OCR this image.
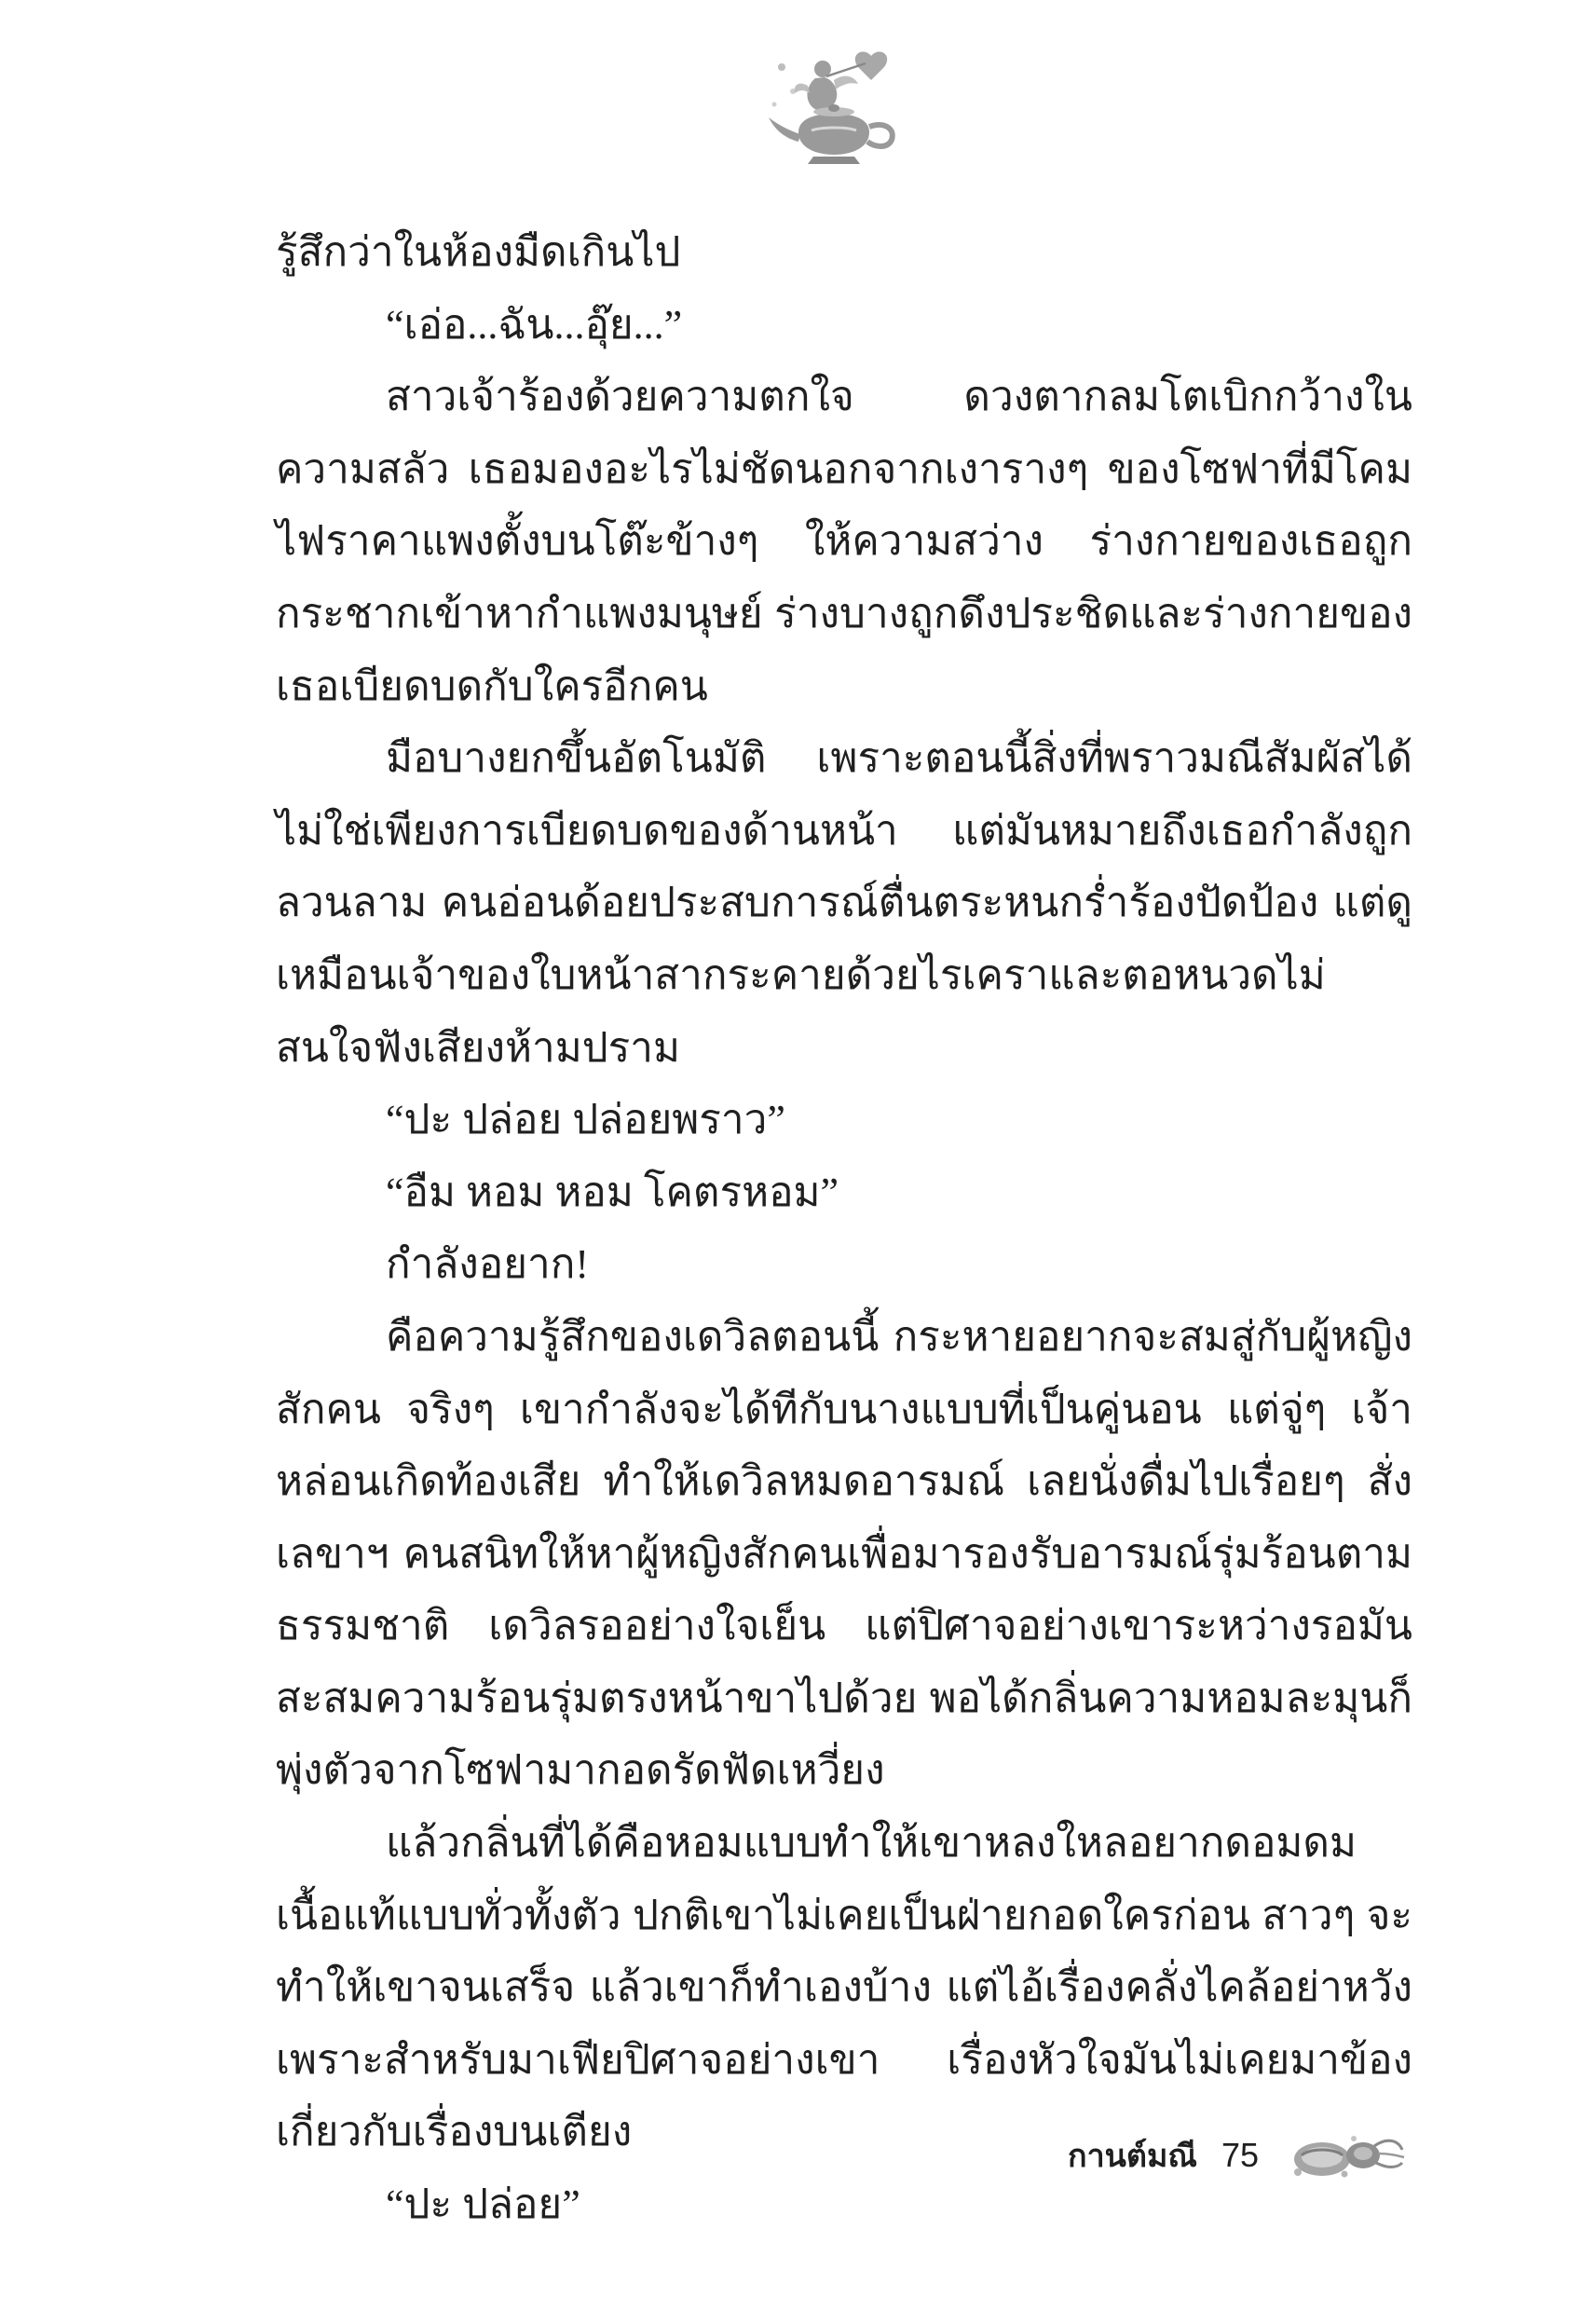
รู้สึกว่าในห้องมืดเกินไป

“เอ่อ...ฉัน...อุ๊ย...”

สาวเจ้าร้องด้วยความตกใจ ดวงตากลมโตเบิกกว้างในความสลัว เธอมองอะไรไม่ชัดนอกจากเงารางๆ ของโซฟาที่มีโคมไฟราคาแพงตั้งบนโต๊ะข้างๆ ให้ความสว่าง ร่างกายของเธอถูกกระชากเข้าหากำแพงมนุษย์ ร่างบางถูกดึงประชิดและร่างกายของเธอเบียดบดกับใครอีกคน

มือบางยกขึ้นอัตโนมัติ เพราะตอนนี้สิ่งที่พราวมณีสัมผัสได้ไม่ใช่เพียงการเบียดบดของด้านหน้า แต่มันหมายถึงเธอกำลังถูกลวนลาม คนอ่อนด้อยประสบการณ์ตื่นตระหนกร่ำร้องปัดป้อง แต่ดูเหมือนเจ้าของใบหน้าสากระคายด้วยไรเคราและตอหนวดไม่สนใจฟังเสียงห้ามปราม

“ปะ ปล่อย ปล่อยพราว”

“อืม หอม หอม โคตรหอม”

กำลังอยาก!

คือความรู้สึกของเดวิลตอนนี้ กระหายอยากจะสมสู่กับผู้หญิงสักคน จริงๆ เขากำลังจะได้ทีกับนางแบบที่เป็นคู่นอน แต่จู่ๆ เจ้าหล่อนเกิดท้องเสีย ทำให้เดวิลหมดอารมณ์ เลยนั่งดื่มไปเรื่อยๆ สั่งเลขาฯ คนสนิทให้หาผู้หญิงสักคนเพื่อมารองรับอารมณ์รุ่มร้อนตามธรรมชาติ เดวิลรออย่างใจเย็น แต่ปิศาจอย่างเขาระหว่างรอมันสะสมความร้อนรุ่มตรงหน้าขาไปด้วย พอได้กลิ่นความหอมละมุนก็พุ่งตัวจากโซฟามากอดรัดฟัดเหวี่ยง

แล้วกลิ่นที่ได้คือหอมแบบทำให้เขาหลงใหลอยากดอมดมเนื้อแท้แบบทั่วทั้งตัว ปกติเขาไม่เคยเป็นฝ่ายกอดใครก่อน สาวๆ จะทำให้เขาจนเสร็จ แล้วเขาก็ทำเองบ้าง แต่ไอ้เรื่องคลั่งไคล้อย่าหวัง เพราะสำหรับมาเฟียปิศาจอย่างเขา เรื่องหัวใจมันไม่เคยมาข้องเกี่ยวกับเรื่องบนเตียง

“ปะ ปล่อย”

กานต์มณี 75
